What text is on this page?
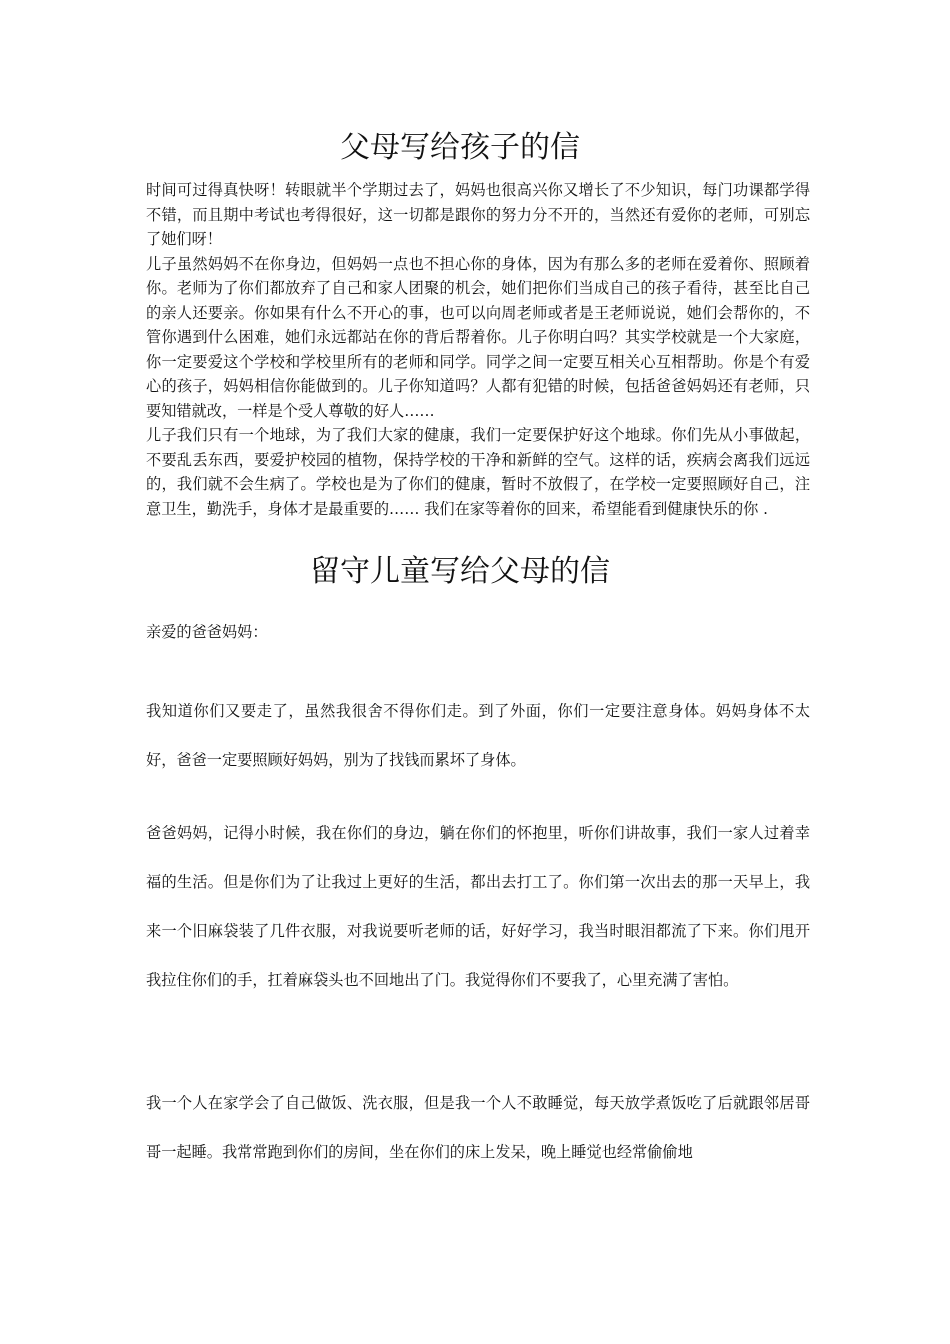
父母写给孩子的信

时间可过得真快呀！转眼就半个学期过去了，妈妈也很高兴你又增长了不少知识，每门功课都学得不错，而且期中考试也考得很好，这一切都是跟你的努力分不开的，当然还有爱你的老师，可别忘了她们呀！

儿子虽然妈妈不在你身边，但妈妈一点也不担心你的身体，因为有那么多的老师在爱着你、照顾着你。老师为了你们都放弃了自己和家人团聚的机会，她们把你们当成自己的孩子看待，甚至比自己的亲人还要亲。你如果有什么不开心的事，也可以向周老师或者是王老师说说，她们会帮你的，不管你遇到什么困难，她们永远都站在你的背后帮着你。儿子你明白吗？其实学校就是一个大家庭，你一定要爱这个学校和学校里所有的老师和同学。同学之间一定要互相关心互相帮助。你是个有爱心的孩子，妈妈相信你能做到的。儿子你知道吗？人都有犯错的时候，包括爸爸妈妈还有老师，只要知错就改，一样是个受人尊敬的好人……

儿子我们只有一个地球，为了我们大家的健康，我们一定要保护好这个地球。你们先从小事做起，不要乱丢东西，要爱护校园的植物，保持学校的干净和新鲜的空气。这样的话，疾病会离我们远远的，我们就不会生病了。学校也是为了你们的健康，暂时不放假了，在学校一定要照顾好自己，注意卫生，勤洗手，身体才是最重要的…… 我们在家等着你的回来，希望能看到健康快乐的你 .

留守儿童写给父母的信

亲爱的爸爸妈妈：

我知道你们又要走了，虽然我很舍不得你们走。到了外面，你们一定要注意身体。妈妈身体不太好，爸爸一定要照顾好妈妈，别为了找钱而累坏了身体。

爸爸妈妈，记得小时候，我在你们的身边，躺在你们的怀抱里，听你们讲故事，我们一家人过着幸福的生活。但是你们为了让我过上更好的生活，都出去打工了。你们第一次出去的那一天早上，我来一个旧麻袋装了几件衣服，对我说要听老师的话，好好学习，我当时眼泪都流了下来。你们甩开我拉住你们的手，扛着麻袋头也不回地出了门。我觉得你们不要我了，心里充满了害怕。

我一个人在家学会了自己做饭、洗衣服，但是我一个人不敢睡觉，每天放学煮饭吃了后就跟邻居哥哥一起睡。我常常跑到你们的房间，坐在你们的床上发呆，晚上睡觉也经常偷偷地
